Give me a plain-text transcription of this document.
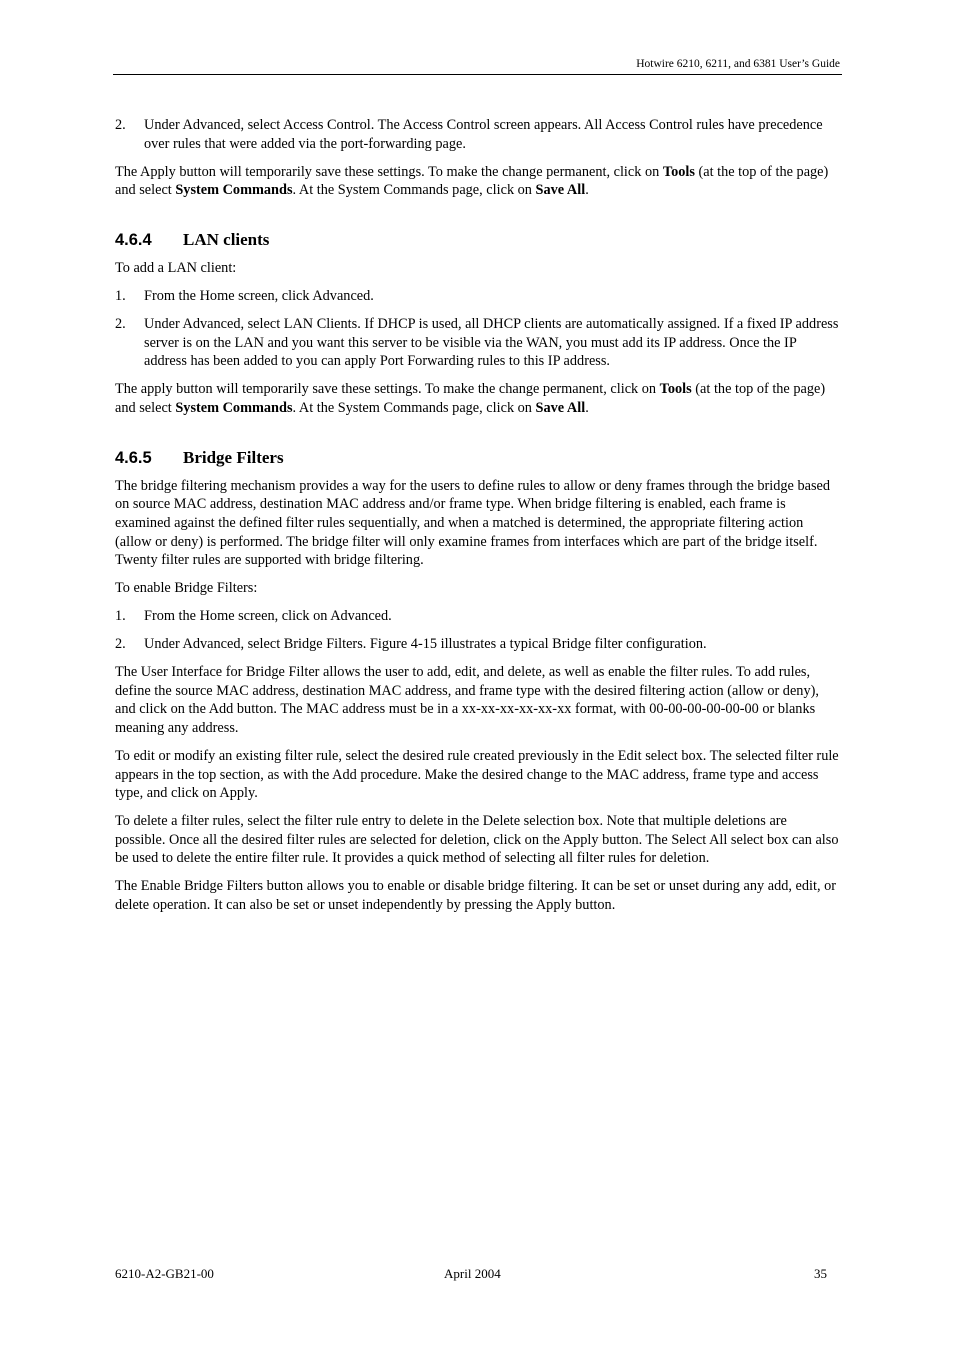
Hotwire 6210, 6211, and 6381 User’s Guide
2. Under Advanced, select Access Control. The Access Control screen appears. All Access Control rules have precedence over rules that were added via the port-forwarding page.

The Apply button will temporarily save these settings. To make the change permanent, click on Tools (at the top of the page) and select System Commands. At the System Commands page, click on Save All.

4.6.4 LAN clients

To add a LAN client:

1. From the Home screen, click Advanced.
2. Under Advanced, select LAN Clients. If DHCP is used, all DHCP clients are automatically assigned. If a fixed IP address server is on the LAN and you want this server to be visible via the WAN, you must add its IP address. Once the IP address has been added to you can apply Port Forwarding rules to this IP address.

The apply button will temporarily save these settings. To make the change permanent, click on Tools (at the top of the page) and select System Commands. At the System Commands page, click on Save All.

4.6.5 Bridge Filters

The bridge filtering mechanism provides a way for the users to define rules to allow or deny frames through the bridge based on source MAC address, destination MAC address and/or frame type. When bridge filtering is enabled, each frame is examined against the defined filter rules sequentially, and when a matched is determined, the appropriate filtering action (allow or deny) is performed. The bridge filter will only examine frames from interfaces which are part of the bridge itself. Twenty filter rules are supported with bridge filtering.

To enable Bridge Filters:

1. From the Home screen, click on Advanced.
2. Under Advanced, select Bridge Filters. Figure 4-15 illustrates a typical Bridge filter configuration.

The User Interface for Bridge Filter allows the user to add, edit, and delete, as well as enable the filter rules. To add rules, define the source MAC address, destination MAC address, and frame type with the desired filtering action (allow or deny), and click on the Add button. The MAC address must be in a xx-xx-xx-xx-xx-xx format, with 00-00-00-00-00-00 or blanks meaning any address.

To edit or modify an existing filter rule, select the desired rule created previously in the Edit select box. The selected filter rule appears in the top section, as with the Add procedure. Make the desired change to the MAC address, frame type and access type, and click on Apply.

To delete a filter rules, select the filter rule entry to delete in the Delete selection box. Note that multiple deletions are possible. Once all the desired filter rules are selected for deletion, click on the Apply button. The Select All select box can also be used to delete the entire filter rule. It provides a quick method of selecting all filter rules for deletion.

The Enable Bridge Filters button allows you to enable or disable bridge filtering. It can be set or unset during any add, edit, or delete operation. It can also be set or unset independently by pressing the Apply button.

6210-A2-GB21-00	April 2004	35
